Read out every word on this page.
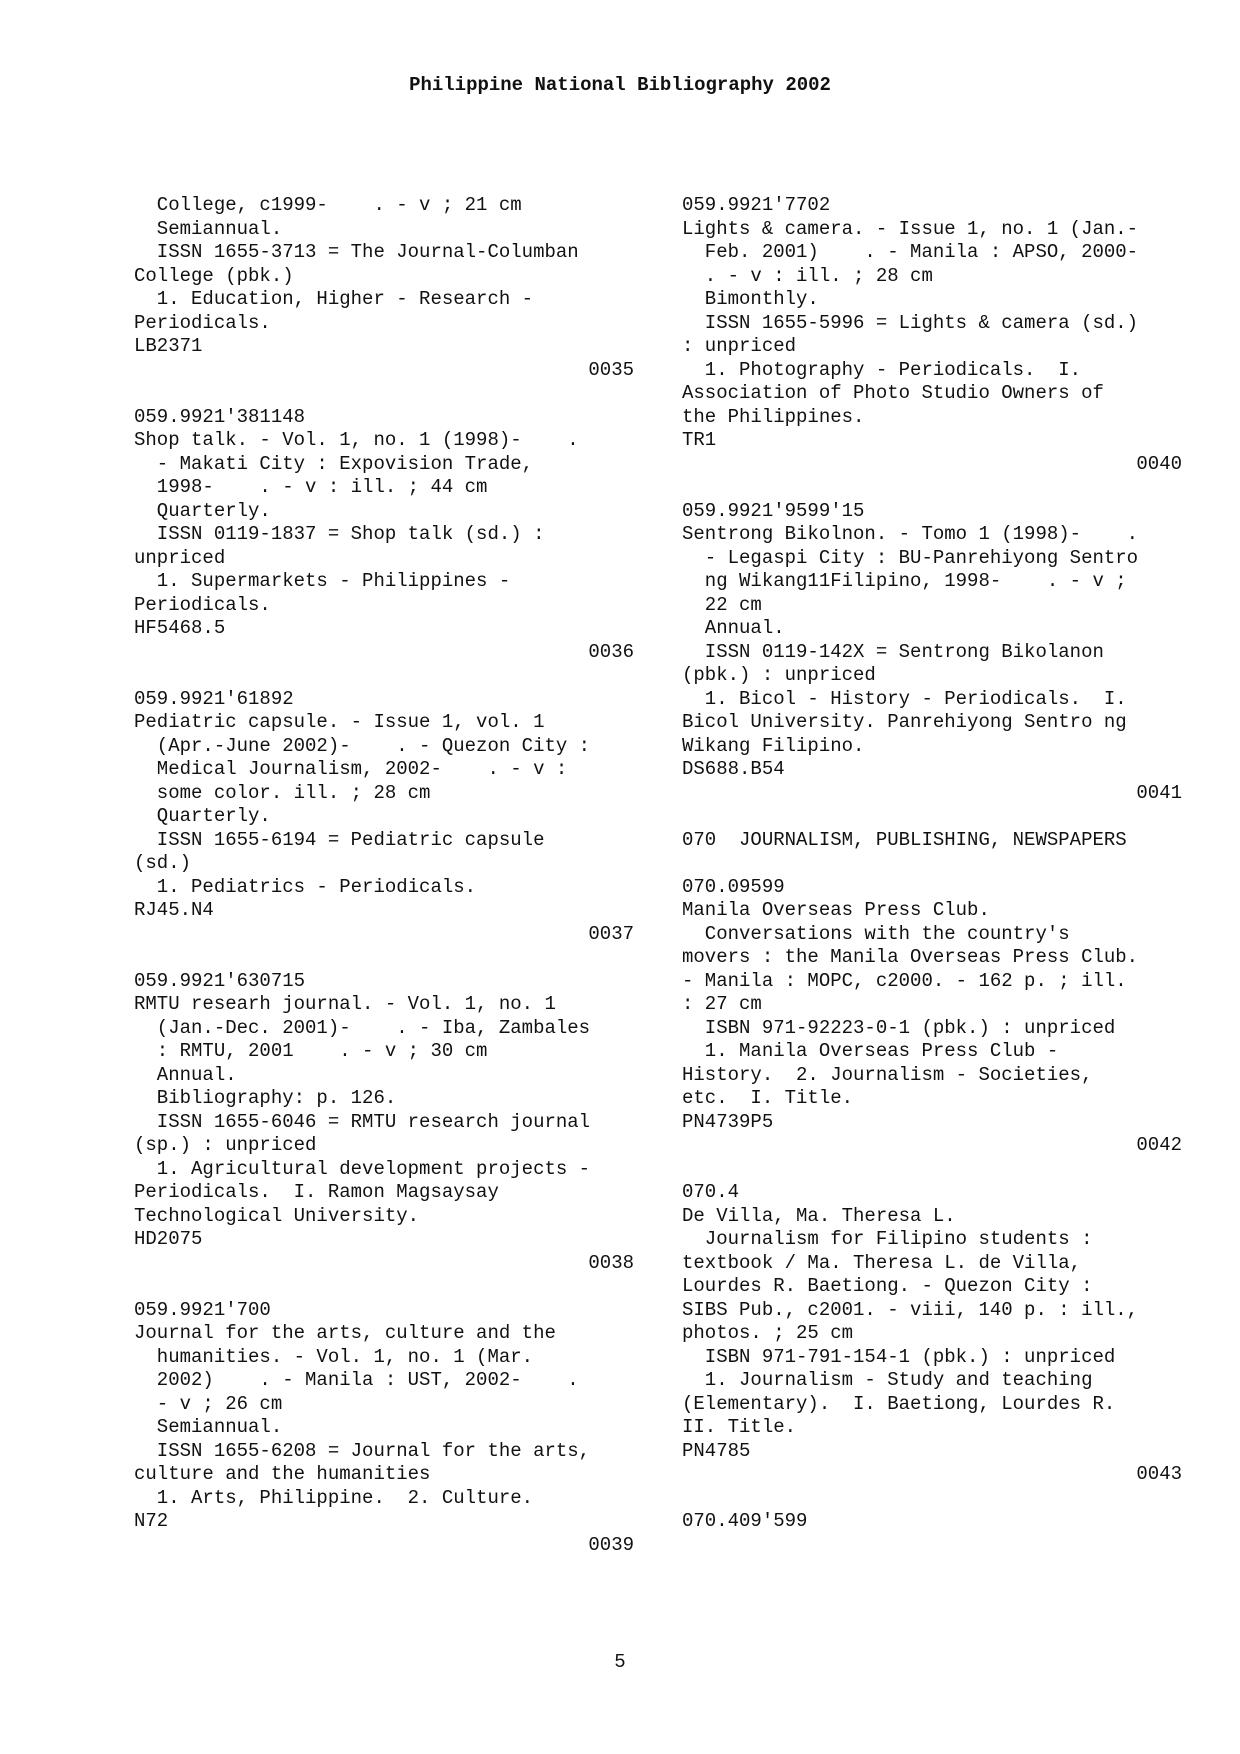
Philippine National Bibliography 2002
College, c1999-    . - v ; 21 cm
Semiannual.
ISSN 1655-3713 = The Journal-Columban
College (pbk.)
1. Education, Higher - Research -
Periodicals.
LB2371
0035
059.9921'381148
Shop talk. - Vol. 1, no. 1 (1998)-    .
- Makati City : Expovision Trade,
1998-    . - v : ill. ; 44 cm
Quarterly.
ISSN 0119-1837 = Shop talk (sd.) :
unpriced
1. Supermarkets - Philippines -
Periodicals.
HF5468.5
0036
059.9921'61892
Pediatric capsule. - Issue 1, vol. 1
(Apr.-June 2002)-    . - Quezon City :
Medical Journalism, 2002-    . - v :
some color. ill. ; 28 cm
Quarterly.
ISSN 1655-6194 = Pediatric capsule
(sd.)
1. Pediatrics - Periodicals.
RJ45.N4
0037
059.9921'630715
RMTU researh journal. - Vol. 1, no. 1
(Jan.-Dec. 2001)-    . - Iba, Zambales
: RMTU, 2001    . - v ; 30 cm
Annual.
Bibliography: p. 126.
ISSN 1655-6046 = RMTU research journal
(sp.) : unpriced
1. Agricultural development projects -
Periodicals.  I. Ramon Magsaysay
Technological University.
HD2075
0038
059.9921'700
Journal for the arts, culture and the
humanities. - Vol. 1, no. 1 (Mar.
2002)    . - Manila : UST, 2002-    .
- v ; 26 cm
Semiannual.
ISSN 1655-6208 = Journal for the arts,
culture and the humanities
1. Arts, Philippine.  2. Culture.
N72
0039
059.9921'7702
Lights & camera. - Issue 1, no. 1 (Jan.-
Feb. 2001)    . - Manila : APSO, 2000-
. - v : ill. ; 28 cm
Bimonthly.
ISSN 1655-5996 = Lights & camera (sd.)
: unpriced
1. Photography - Periodicals.  I.
Association of Photo Studio Owners of
the Philippines.
TR1
0040
059.9921'9599'15
Sentrong Bikolnon. - Tomo 1 (1998)-    .
- Legaspi City : BU-Panrehiyong Sentro
ng Wikang11Filipino, 1998-    . - v ;
22 cm
Annual.
ISSN 0119-142X = Sentrong Bikolanon
(pbk.) : unpriced
1. Bicol - History - Periodicals.  I.
Bicol University. Panrehiyong Sentro ng
Wikang Filipino.
DS688.B54
0041
070  JOURNALISM, PUBLISHING, NEWSPAPERS
070.09599
Manila Overseas Press Club.
Conversations with the country's
movers : the Manila Overseas Press Club.
- Manila : MOPC, c2000. - 162 p. ; ill.
: 27 cm
ISBN 971-92223-0-1 (pbk.) : unpriced
1. Manila Overseas Press Club -
History.  2. Journalism - Societies,
etc.  I. Title.
PN4739P5
0042
070.4
De Villa, Ma. Theresa L.
Journalism for Filipino students :
textbook / Ma. Theresa L. de Villa,
Lourdes R. Baetiong. - Quezon City :
SIBS Pub., c2001. - viii, 140 p. : ill.,
photos. ; 25 cm
ISBN 971-791-154-1 (pbk.) : unpriced
1. Journalism - Study and teaching
(Elementary).  I. Baetiong, Lourdes R.
II. Title.
PN4785
0043
070.409'599
5
